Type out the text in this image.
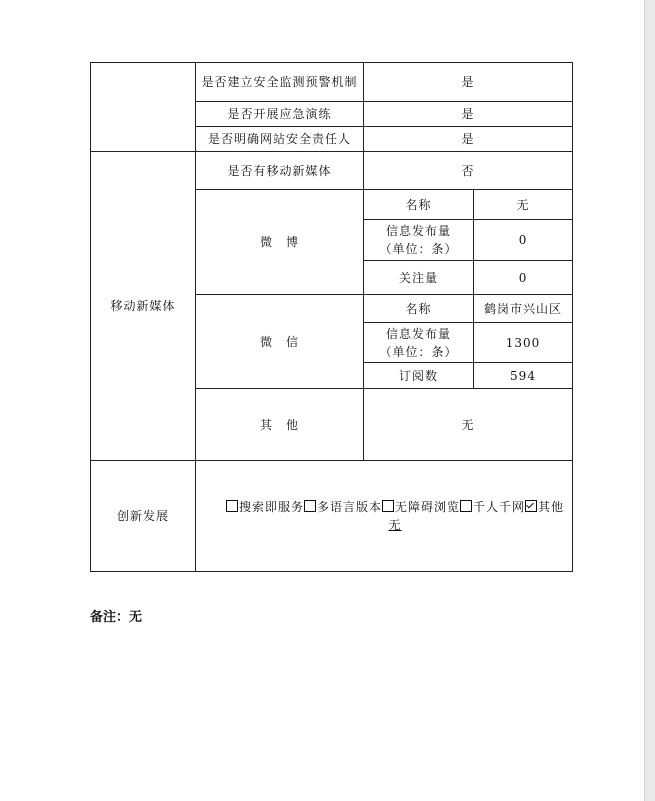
	是否建立安全监测预警机制	是	
	是否开展应急演练	是	
	是否明确网站安全责任人	是	
移动新媒体	是否有移动新媒体	否	
	微　博	名称	无

		信息发布量
（单位：条）	0
		关注量	0
	微　信	名称	鹤岗市兴山区

		信息发布量
（单位：条）	1300
		订阅数	594
	其　他	无	
创新发展	搜索即服务 多语言版本 无障碍浏览 千人千网 其他
无		
备注：无
